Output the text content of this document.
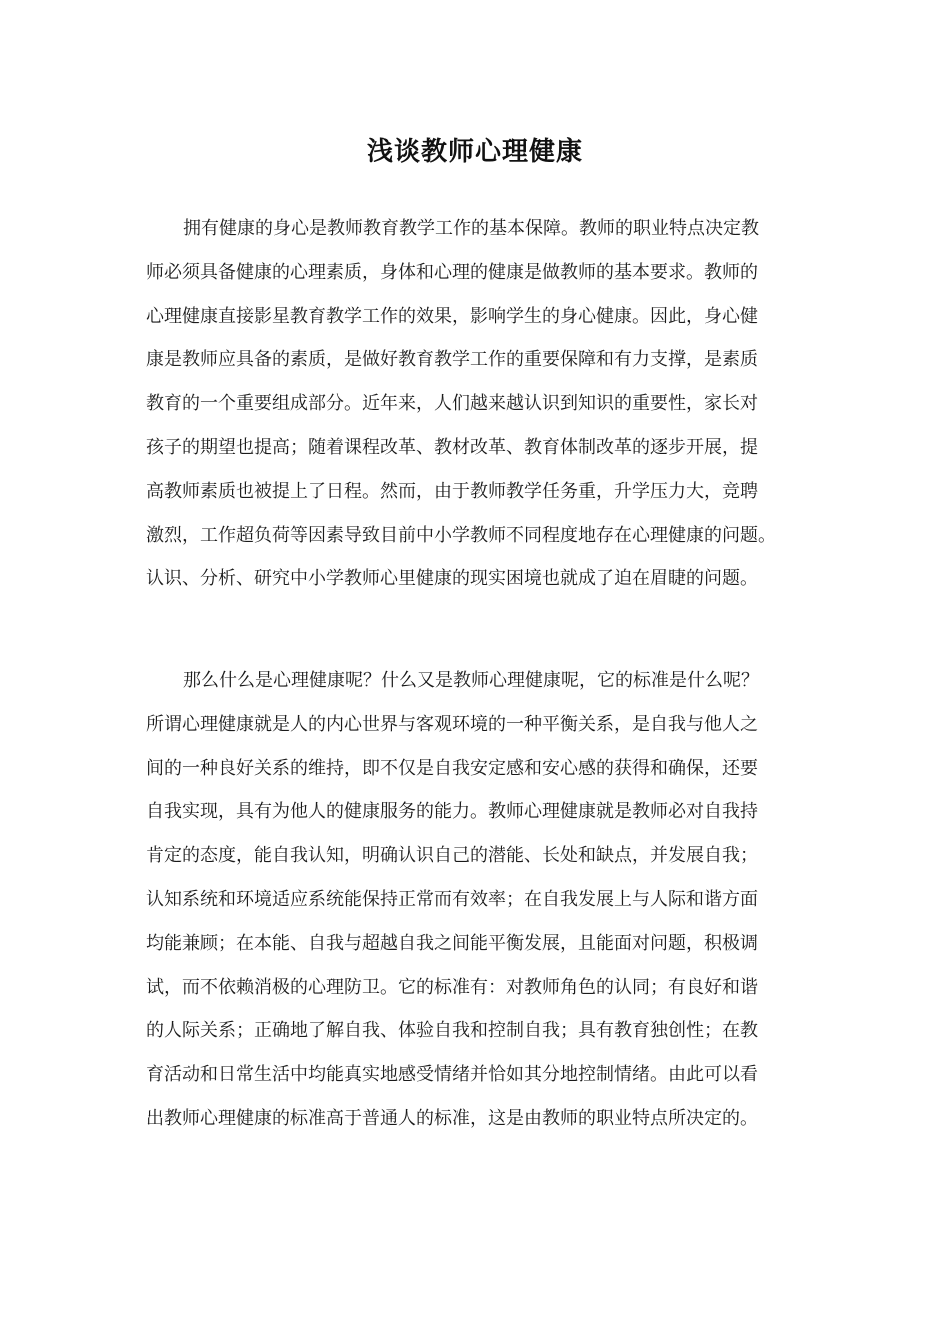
浅谈教师心理健康

拥有健康的身心是教师教育教学工作的基本保障。教师的职业特点决定教
师必须具备健康的心理素质，身体和心理的健康是做教师的基本要求。教师的
心理健康直接影星教育教学工作的效果，影响学生的身心健康。因此，身心健
康是教师应具备的素质，是做好教育教学工作的重要保障和有力支撑，是素质
教育的一个重要组成部分。近年来，人们越来越认识到知识的重要性，家长对
孩子的期望也提高；随着课程改革、教材改革、教育体制改革的逐步开展，提
高教师素质也被提上了日程。然而，由于教师教学任务重，升学压力大，竞聘
激烈，工作超负荷等因素导致目前中小学教师不同程度地存在心理健康的问题。
认识、分析、研究中小学教师心里健康的现实困境也就成了迫在眉睫的问题。

那么什么是心理健康呢？什么又是教师心理健康呢，它的标准是什么呢？
所谓心理健康就是人的内心世界与客观环境的一种平衡关系，是自我与他人之
间的一种良好关系的维持，即不仅是自我安定感和安心感的获得和确保，还要
自我实现，具有为他人的健康服务的能力。教师心理健康就是教师必对自我持
肯定的态度，能自我认知，明确认识自己的潜能、长处和缺点，并发展自我；
认知系统和环境适应系统能保持正常而有效率；在自我发展上与人际和谐方面
均能兼顾；在本能、自我与超越自我之间能平衡发展，且能面对问题，积极调
试，而不依赖消极的心理防卫。它的标准有：对教师角色的认同；有良好和谐
的人际关系；正确地了解自我、体验自我和控制自我；具有教育独创性；在教
育活动和日常生活中均能真实地感受情绪并恰如其分地控制情绪。由此可以看
出教师心理健康的标准高于普通人的标准，这是由教师的职业特点所决定的。
